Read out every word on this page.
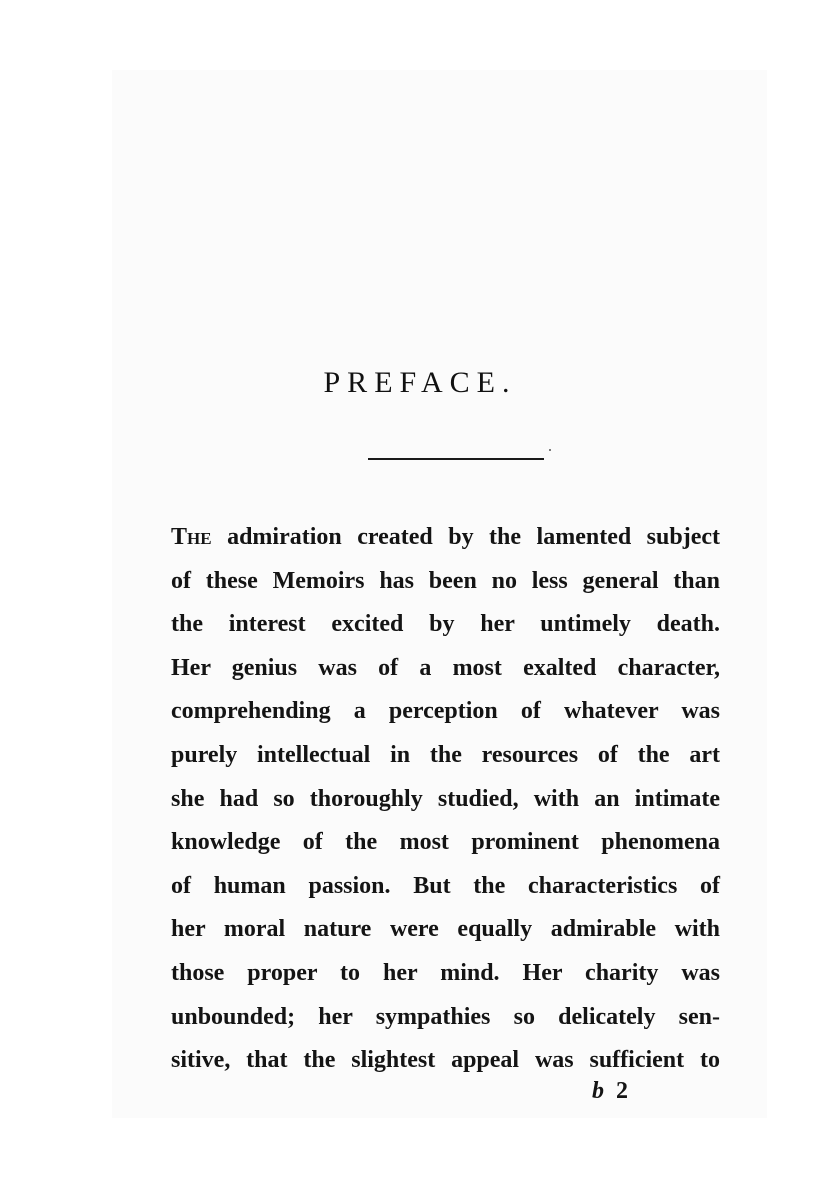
PREFACE.

The admiration created by the lamented subject
of these Memoirs has been no less general than
the interest excited by her untimely death.
Her genius was of a most exalted character,
comprehending a perception of whatever was
purely intellectual in the resources of the art
she had so thoroughly studied, with an intimate
knowledge of the most prominent phenomena
of human passion. But the characteristics of
her moral nature were equally admirable with
those proper to her mind. Her charity was
unbounded; her sympathies so delicately sen-
sitive, that the slightest appeal was sufficient to

b 2
